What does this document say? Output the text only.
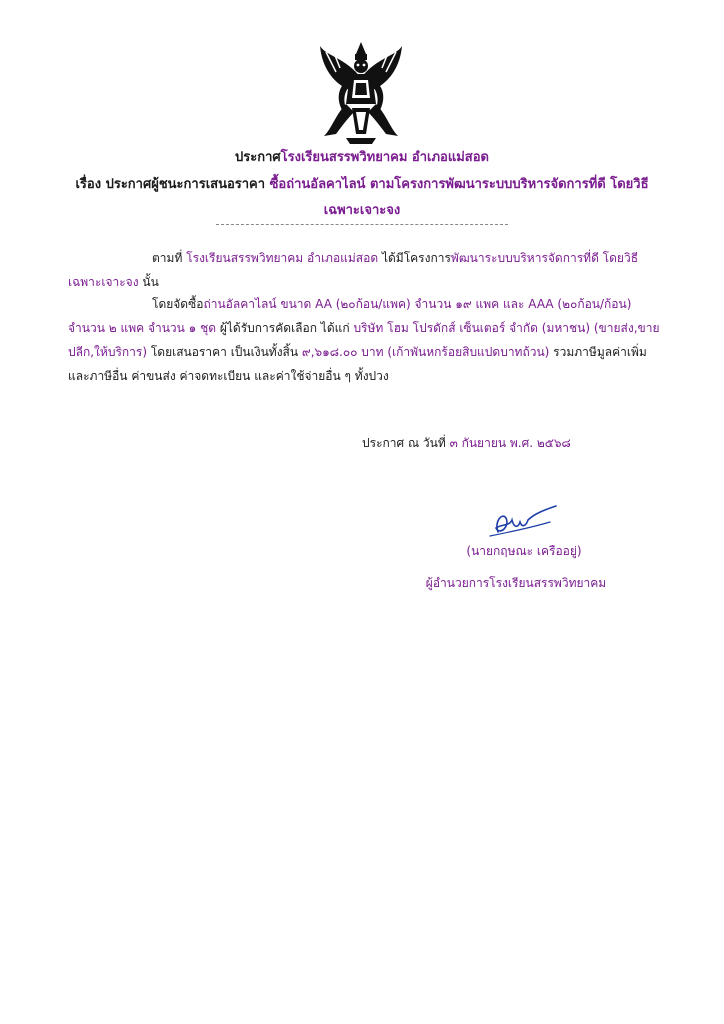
ประกาศโรงเรียนสรรพวิทยาคม อำเภอแม่สอด
เรื่อง ประกาศผู้ชนะการเสนอราคา ซื้อถ่านอัลคาไลน์ ตามโครงการพัฒนาระบบบริหารจัดการที่ดี โดยวิธีเฉพาะเจาะจง
ตามที่ โรงเรียนสรรพวิทยาคม อำเภอแม่สอด ได้มีโครงการพัฒนาระบบบริหารจัดการที่ดี โดยวิธีเฉพาะเจาะจง นั้น
โดยจัดซื้อถ่านอัลคาไลน์ ขนาด AA (๒๐ก้อน/แพค) จำนวน ๑๙ แพค และ AAA (๒๐ก้อน/ก้อน) จำนวน ๒ แพค จำนวน ๑ ชุด ผู้ได้รับการคัดเลือก ได้แก่ บริษัท โฮม โปรดักส์ เซ็นเตอร์ จำกัด (มหาชน) (ขายส่ง,ขายปลีก,ให้บริการ) โดยเสนอราคา เป็นเงินทั้งสิ้น ๙,๖๑๘.๐๐ บาท (เก้าพันหกร้อยสิบแปดบาทถ้วน) รวมภาษีมูลค่าเพิ่มและภาษีอื่น ค่าขนส่ง ค่าจดทะเบียน และค่าใช้จ่ายอื่น ๆ ทั้งปวง
ประกาศ ณ วันที่ ๓ กันยายน พ.ศ. ๒๕๖๘
(นายกฤษณะ เครืออยู่)
ผู้อำนวยการโรงเรียนสรรพวิทยาคม
